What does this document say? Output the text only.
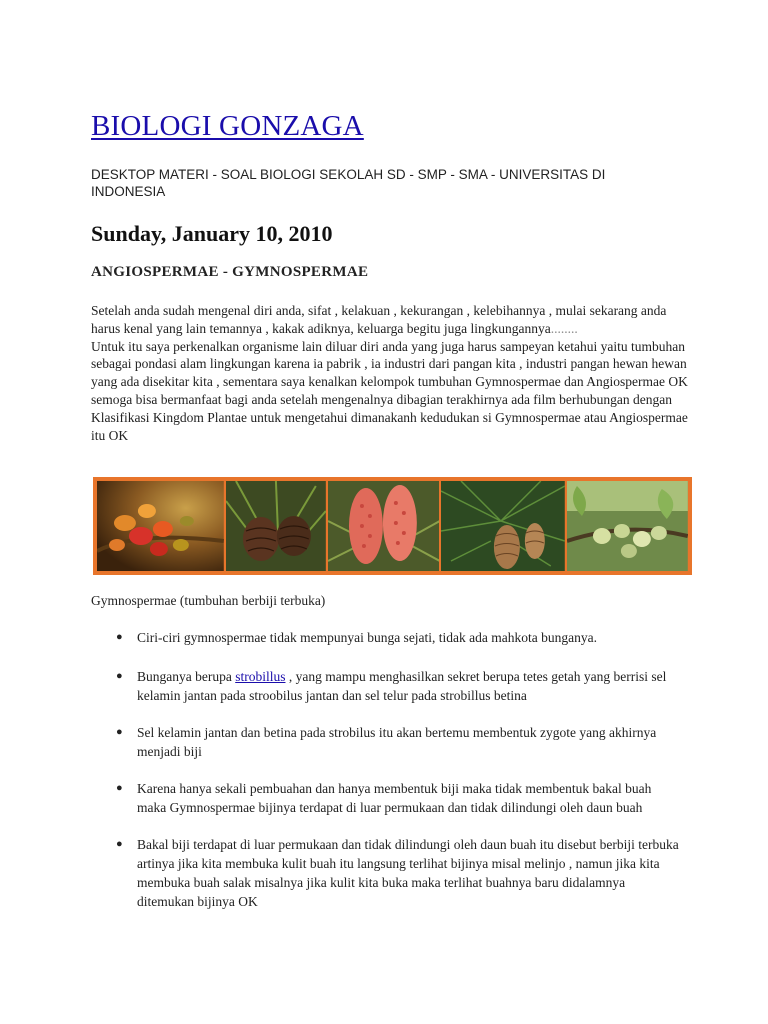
BIOLOGI GONZAGA
DESKTOP MATERI - SOAL BIOLOGI SEKOLAH SD - SMP - SMA - UNIVERSITAS DI INDONESIA
Sunday, January 10, 2010
ANGIOSPERMAE - GYMNOSPERMAE

Setelah anda sudah mengenal diri anda, sifat , kelakuan , kekurangan , kelebihannya , mulai sekarang anda harus kenal yang lain temannya , kakak adiknya, keluarga begitu juga lingkungannya........

Untuk itu saya perkenalkan organisme lain diluar diri anda yang juga harus sampeyan ketahui yaitu tumbuhan sebagai pondasi alam lingkungan karena ia pabrik , ia industri dari pangan kita , industri pangan hewan hewan yang ada disekitar kita , sementara saya kenalkan kelompok tumbuhan Gymnospermae dan Angiospermae OK semoga bisa bermanfaat bagi anda setelah mengenalnya dibagian terakhirnya ada film berhubungan dengan Klasifikasi Kingdom Plantae untuk mengetahui dimanakanh kedudukan si Gymnospermae atau Angiospermae itu OK

Gymnospermae (tumbuhan berbiji terbuka)
● Ciri-ciri gymnospermae tidak mempunyai bunga sejati, tidak ada mahkota bunganya.
● Bunganya berupa strobillus , yang mampu menghasilkan sekret berupa tetes getah yang berrisi sel kelamin jantan pada stroobilus jantan dan sel telur pada strobillus betina
● Sel kelamin jantan dan betina pada strobilus itu akan bertemu membentuk zygote yang akhirnya menjadi biji
● Karena hanya sekali pembuahan dan hanya membentuk biji maka tidak membentuk bakal buah maka Gymnospermae bijinya terdapat di luar permukaan dan tidak dilindungi oleh daun buah
● Bakal biji terdapat di luar permukaan dan tidak dilindungi oleh daun buah itu disebut berbiji terbuka artinya jika kita membuka kulit buah itu langsung terlihat bijinya misal melinjo , namun jika kita membuka buah salak misalnya jika kulit kita buka maka terlihat buahnya baru didalamnya ditemukan bijinya OK
